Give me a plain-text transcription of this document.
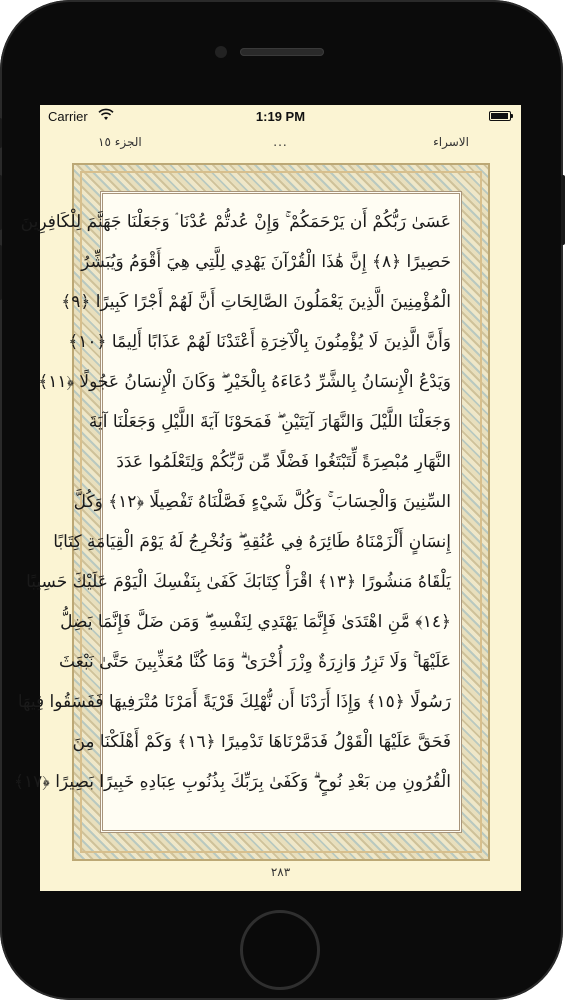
Carrier	1:19 PM
الجزء ١٥	...	الاسراء
عَسَىٰ رَبُّكُمْ أَن يَرْحَمَكُمْ ۚ وَإِنْ عُدتُّمْ عُدْنَا ۘ وَجَعَلْنَا جَهَنَّمَ لِلْكَافِرِينَ
حَصِيرًا ﴿٨﴾ إِنَّ هَٰذَا الْقُرْآنَ يَهْدِي لِلَّتِي هِيَ أَقْوَمُ وَيُبَشِّرُ
الْمُؤْمِنِينَ الَّذِينَ يَعْمَلُونَ الصَّالِحَاتِ أَنَّ لَهُمْ أَجْرًا كَبِيرًا ﴿٩﴾
وَأَنَّ الَّذِينَ لَا يُؤْمِنُونَ بِالْآخِرَةِ أَعْتَدْنَا لَهُمْ عَذَابًا أَلِيمًا ﴿١٠﴾
وَيَدْعُ الْإِنسَانُ بِالشَّرِّ دُعَاءَهُ بِالْخَيْرِ ۖ وَكَانَ الْإِنسَانُ عَجُولًا ﴿١١﴾
وَجَعَلْنَا اللَّيْلَ وَالنَّهَارَ آيَتَيْنِ ۖ فَمَحَوْنَا آيَةَ اللَّيْلِ وَجَعَلْنَا آيَةَ
النَّهَارِ مُبْصِرَةً لِّتَبْتَغُوا فَضْلًا مِّن رَّبِّكُمْ وَلِتَعْلَمُوا عَدَدَ
السِّنِينَ وَالْحِسَابَ ۚ وَكُلَّ شَيْءٍ فَصَّلْنَاهُ تَفْصِيلًا ﴿١٢﴾ وَكُلَّ
إِنسَانٍ أَلْزَمْنَاهُ طَائِرَهُ فِي عُنُقِهِ ۖ وَنُخْرِجُ لَهُ يَوْمَ الْقِيَامَةِ كِتَابًا
يَلْقَاهُ مَنشُورًا ﴿١٣﴾ اقْرَأْ كِتَابَكَ كَفَىٰ بِنَفْسِكَ الْيَوْمَ عَلَيْكَ حَسِيبًا
﴿١٤﴾ مَّنِ اهْتَدَىٰ فَإِنَّمَا يَهْتَدِي لِنَفْسِهِ ۖ وَمَن ضَلَّ فَإِنَّمَا يَضِلُّ
عَلَيْهَا ۚ وَلَا تَزِرُ وَازِرَةٌ وِزْرَ أُخْرَىٰ ۗ وَمَا كُنَّا مُعَذِّبِينَ حَتَّىٰ نَبْعَثَ
رَسُولًا ﴿١٥﴾ وَإِذَا أَرَدْنَا أَن نُّهْلِكَ قَرْيَةً أَمَرْنَا مُتْرَفِيهَا فَفَسَقُوا فِيهَا
فَحَقَّ عَلَيْهَا الْقَوْلُ فَدَمَّرْنَاهَا تَدْمِيرًا ﴿١٦﴾ وَكَمْ أَهْلَكْنَا مِنَ
الْقُرُونِ مِن بَعْدِ نُوحٍ ۗ وَكَفَىٰ بِرَبِّكَ بِذُنُوبِ عِبَادِهِ خَبِيرًا بَصِيرًا ﴿١٧﴾
٢٨٣
